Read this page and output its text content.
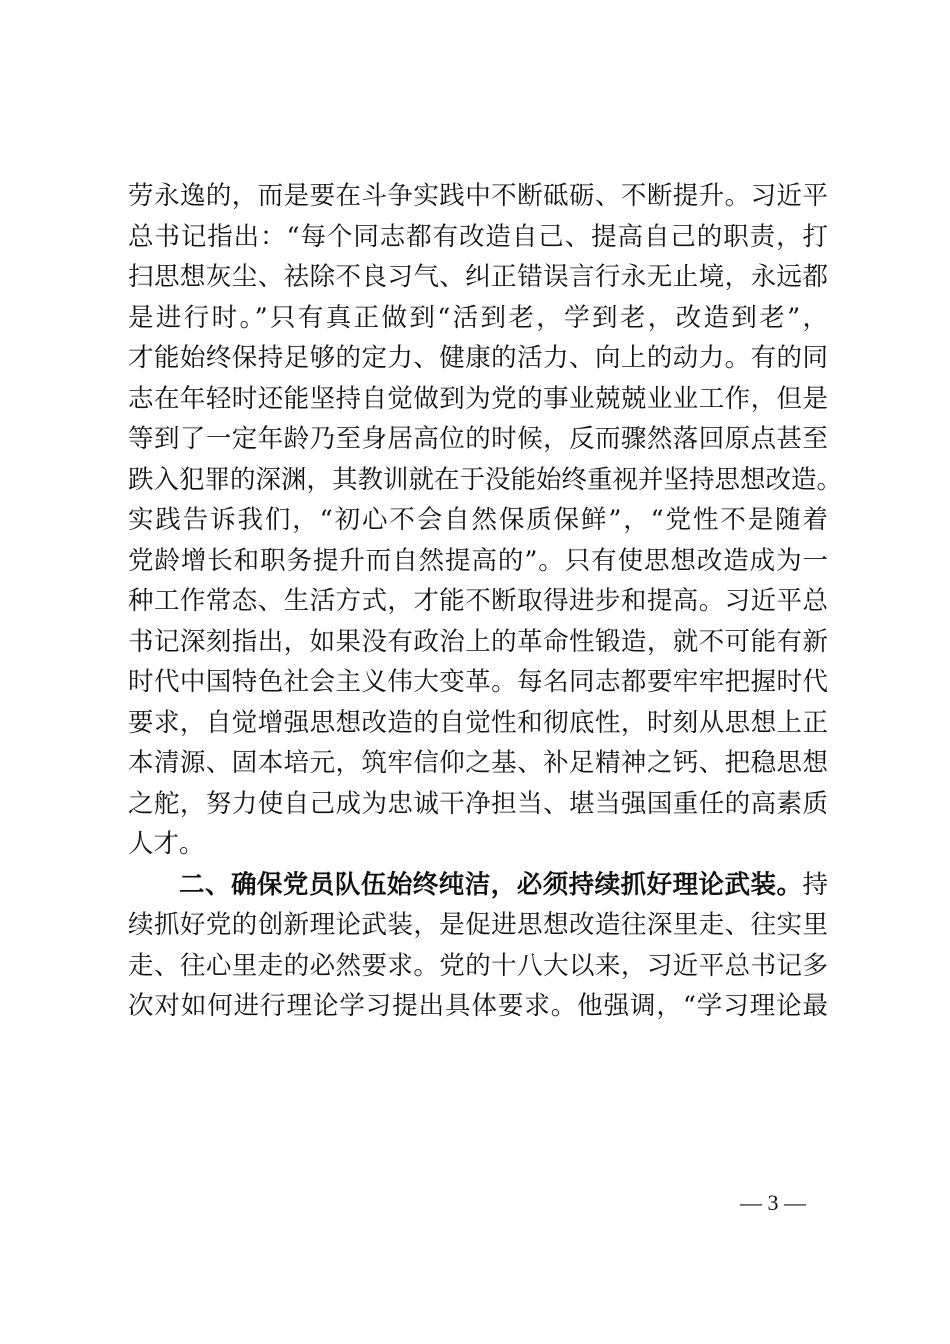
劳永逸的，而是要在斗争实践中不断砥砺、不断提升。习近平
总书记指出：“每个同志都有改造自己、提高自己的职责，打
扫思想灰尘、祛除不良习气、纠正错误言行永无止境，永远都
是进行时。”只有真正做到“活到老，学到老，改造到老”，
才能始终保持足够的定力、健康的活力、向上的动力。有的同
志在年轻时还能坚持自觉做到为党的事业兢兢业业工作，但是
等到了一定年龄乃至身居高位的时候，反而骤然落回原点甚至
跌入犯罪的深渊，其教训就在于没能始终重视并坚持思想改造。
实践告诉我们，“初心不会自然保质保鲜”，“党性不是随着
党龄增长和职务提升而自然提高的”。只有使思想改造成为一
种工作常态、生活方式，才能不断取得进步和提高。习近平总
书记深刻指出，如果没有政治上的革命性锻造，就不可能有新
时代中国特色社会主义伟大变革。每名同志都要牢牢把握时代
要求，自觉增强思想改造的自觉性和彻底性，时刻从思想上正
本清源、固本培元，筑牢信仰之基、补足精神之钙、把稳思想
之舵，努力使自己成为忠诚干净担当、堪当强国重任的高素质
人才。
二、确保党员队伍始终纯洁，必须持续抓好理论武装。持
续抓好党的创新理论武装，是促进思想改造往深里走、往实里
走、往心里走的必然要求。党的十八大以来，习近平总书记多
次对如何进行理论学习提出具体要求。他强调，“学习理论最
— 3 —
